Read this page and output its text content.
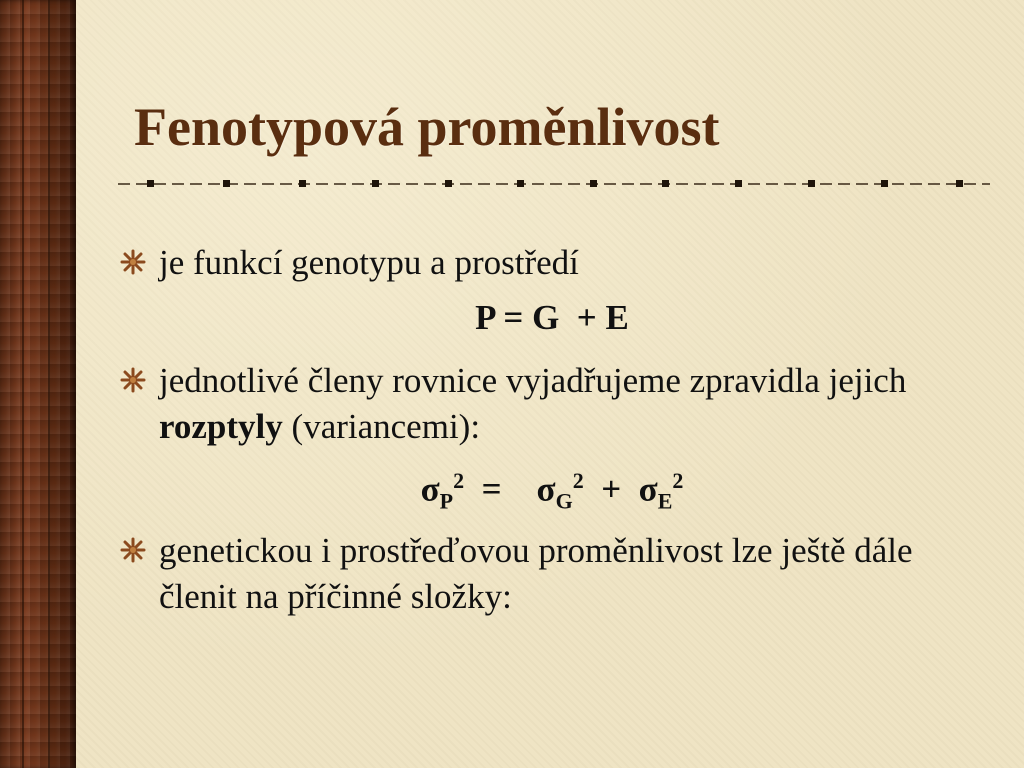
Fenotypová proměnlivost
je funkcí genotypu a prostředí
P = G  + E
jednotlivé členy rovnice vyjadřujeme zpravidla jejich rozptyly (variancemi):
$\sigma_P^2$  =    $\sigma_G^2 + \sigma_E^2$
genetickou i prostřeďovou proměnlivost lze ještě dále členit na příčinné složky:
